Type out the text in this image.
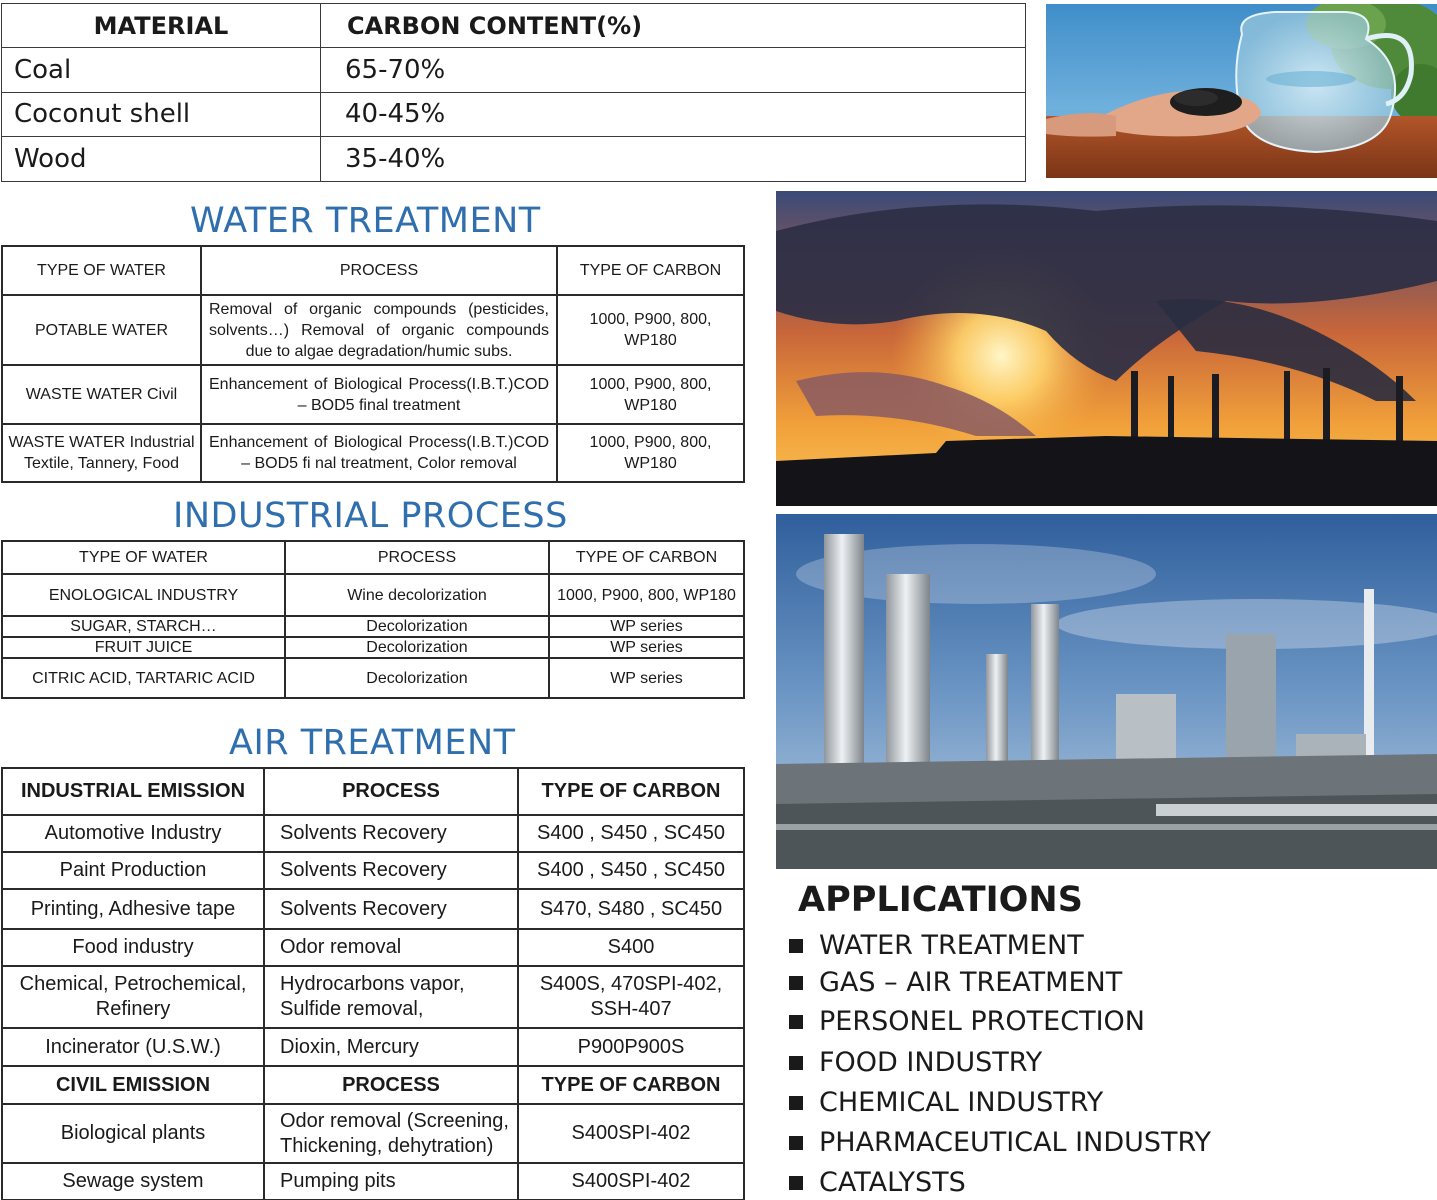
MATERIAL	CARBON CONTENT(%)
Coal	65-70%
Coconut shell	40-45%
Wood	35-40%
WATER TREATMENT
TYPE OF WATER	PROCESS	TYPE OF CARBON
POTABLE WATER	Removal of organic compounds (pesticides, solvents…) Removal of organic compounds due to algae degradation/humic subs.	1000, P900, 800, WP180
WASTE WATER Civil	Enhancement of Biological Process(I.B.T.)COD – BOD5 final treatment	1000, P900, 800, WP180
WASTE WATER Industrial Textile, Tannery, Food	Enhancement of Biological Process(I.B.T.)COD – BOD5 fi nal treatment, Color removal	1000, P900, 800, WP180
INDUSTRIAL PROCESS
TYPE OF WATER	PROCESS	TYPE OF CARBON
ENOLOGICAL INDUSTRY	Wine decolorization	1000, P900, 800, WP180
SUGAR, STARCH…	Decolorization	WP series
FRUIT JUICE	Decolorization	WP series
CITRIC ACID, TARTARIC ACID	Decolorization	WP series
AIR TREATMENT
INDUSTRIAL EMISSION	PROCESS	TYPE OF CARBON
Automotive Industry	Solvents Recovery	S400 , S450 , SC450
Paint Production	Solvents Recovery	S400 , S450 , SC450
Printing, Adhesive tape	Solvents Recovery	S470, S480 , SC450
Food industry	Odor removal	S400
Chemical, Petrochemical, Refinery	Hydrocarbons vapor, Sulfide removal,	S400S, 470SPI-402, SSH-407
Incinerator (U.S.W.)	Dioxin, Mercury	P900P900S
CIVIL EMISSION	PROCESS	TYPE OF CARBON
Biological plants	Odor removal (Screening, Thickening, dehytration)	S400SPI-402
Sewage system	Pumping pits	S400SPI-402
APPLICATIONS
WATER TREATMENT
GAS – AIR TREATMENT
PERSONEL PROTECTION
FOOD INDUSTRY
CHEMICAL INDUSTRY
PHARMACEUTICAL INDUSTRY
CATALYSTS
